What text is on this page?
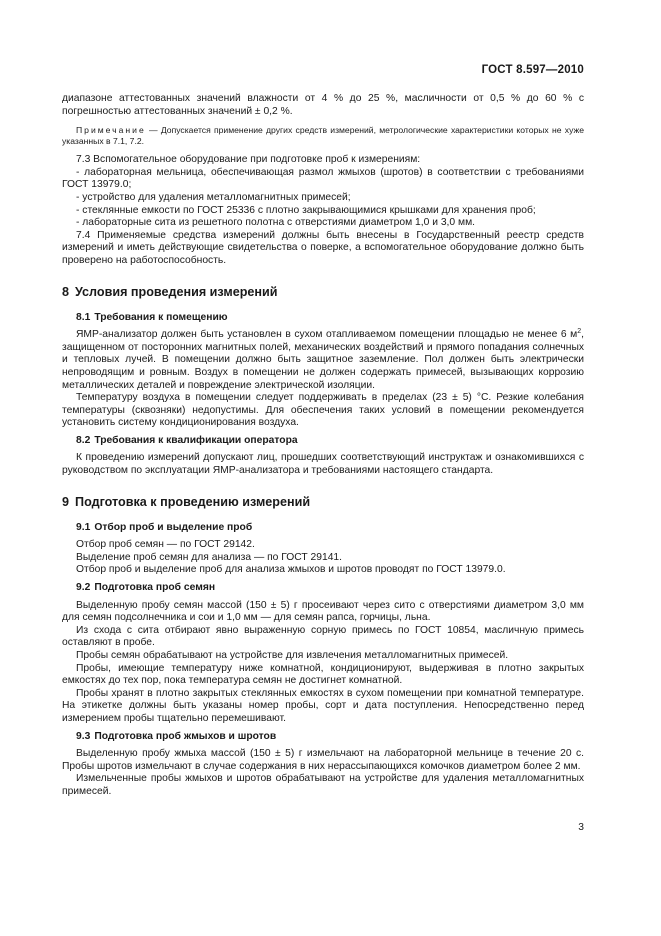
ГОСТ 8.597—2010

диапазоне аттестованных значений влажности от 4 % до 25 %, масличности от 0,5 % до 60 % с погрешностью аттестованных значений ± 0,2 %.

Примечание — Допускается применение других средств измерений, метрологические характеристики которых не хуже указанных в 7.1, 7.2.

7.3 Вспомогательное оборудование при подготовке проб к измерениям:

- лабораторная мельница, обеспечивающая размол жмыхов (шротов) в соответствии с требованиями ГОСТ 13979.0;

- устройство для удаления металломагнитных примесей;

- стеклянные емкости по ГОСТ 25336 с плотно закрывающимися крышками для хранения проб;

- лабораторные сита из решетного полотна с отверстиями диаметром 1,0 и 3,0 мм.

7.4 Применяемые средства измерений должны быть внесены в Государственный реестр средств измерений и иметь действующие свидетельства о поверке, а вспомогательное оборудование должно быть проверено на работоспособность.

8 Условия проведения измерений

8.1 Требования к помещению

ЯМР-анализатор должен быть установлен в сухом отапливаемом помещении площадью не менее 6 $м^2$, защищенном от посторонних магнитных полей, механических воздействий и прямого попадания солнечных и тепловых лучей. В помещении должно быть защитное заземление. Пол должен быть электрически непроводящим и ровным. Воздух в помещении не должен содержать примесей, вызывающих коррозию металлических деталей и повреждение электрической изоляции.

Температуру воздуха в помещении следует поддерживать в пределах (23 ± 5) °С. Резкие колебания температуры (сквозняки) недопустимы. Для обеспечения таких условий в помещении рекомендуется установить систему кондиционирования воздуха.

8.2 Требования к квалификации оператора

К проведению измерений допускают лиц, прошедших соответствующий инструктаж и ознакомившихся с руководством по эксплуатации ЯМР-анализатора и требованиями настоящего стандарта.

9 Подготовка к проведению измерений

9.1 Отбор проб и выделение проб

Отбор проб семян — по ГОСТ 29142.

Выделение проб семян для анализа — по ГОСТ 29141.

Отбор проб и выделение проб для анализа жмыхов и шротов проводят по ГОСТ 13979.0.

9.2 Подготовка проб семян

Выделенную пробу семян массой (150 ± 5) г просеивают через сито с отверстиями диаметром 3,0 мм для семян подсолнечника и сои и 1,0 мм — для семян рапса, горчицы, льна.

Из схода с сита отбирают явно выраженную сорную примесь по ГОСТ 10854, масличную примесь оставляют в пробе.

Пробы семян обрабатывают на устройстве для извлечения металломагнитных примесей.

Пробы, имеющие температуру ниже комнатной, кондиционируют, выдерживая в плотно закрытых емкостях до тех пор, пока температура семян не достигнет комнатной.

Пробы хранят в плотно закрытых стеклянных емкостях в сухом помещении при комнатной температуре. На этикетке должны быть указаны номер пробы, сорт и дата поступления. Непосредственно перед измерением пробы тщательно перемешивают.

9.3 Подготовка проб жмыхов и шротов

Выделенную пробу жмыха массой (150 ± 5) г измельчают на лабораторной мельнице в течение 20 с. Пробы шротов измельчают в случае содержания в них нерассыпающихся комочков диаметром более 2 мм.

Измельченные пробы жмыхов и шротов обрабатывают на устройстве для удаления металломагнитных примесей.

3
